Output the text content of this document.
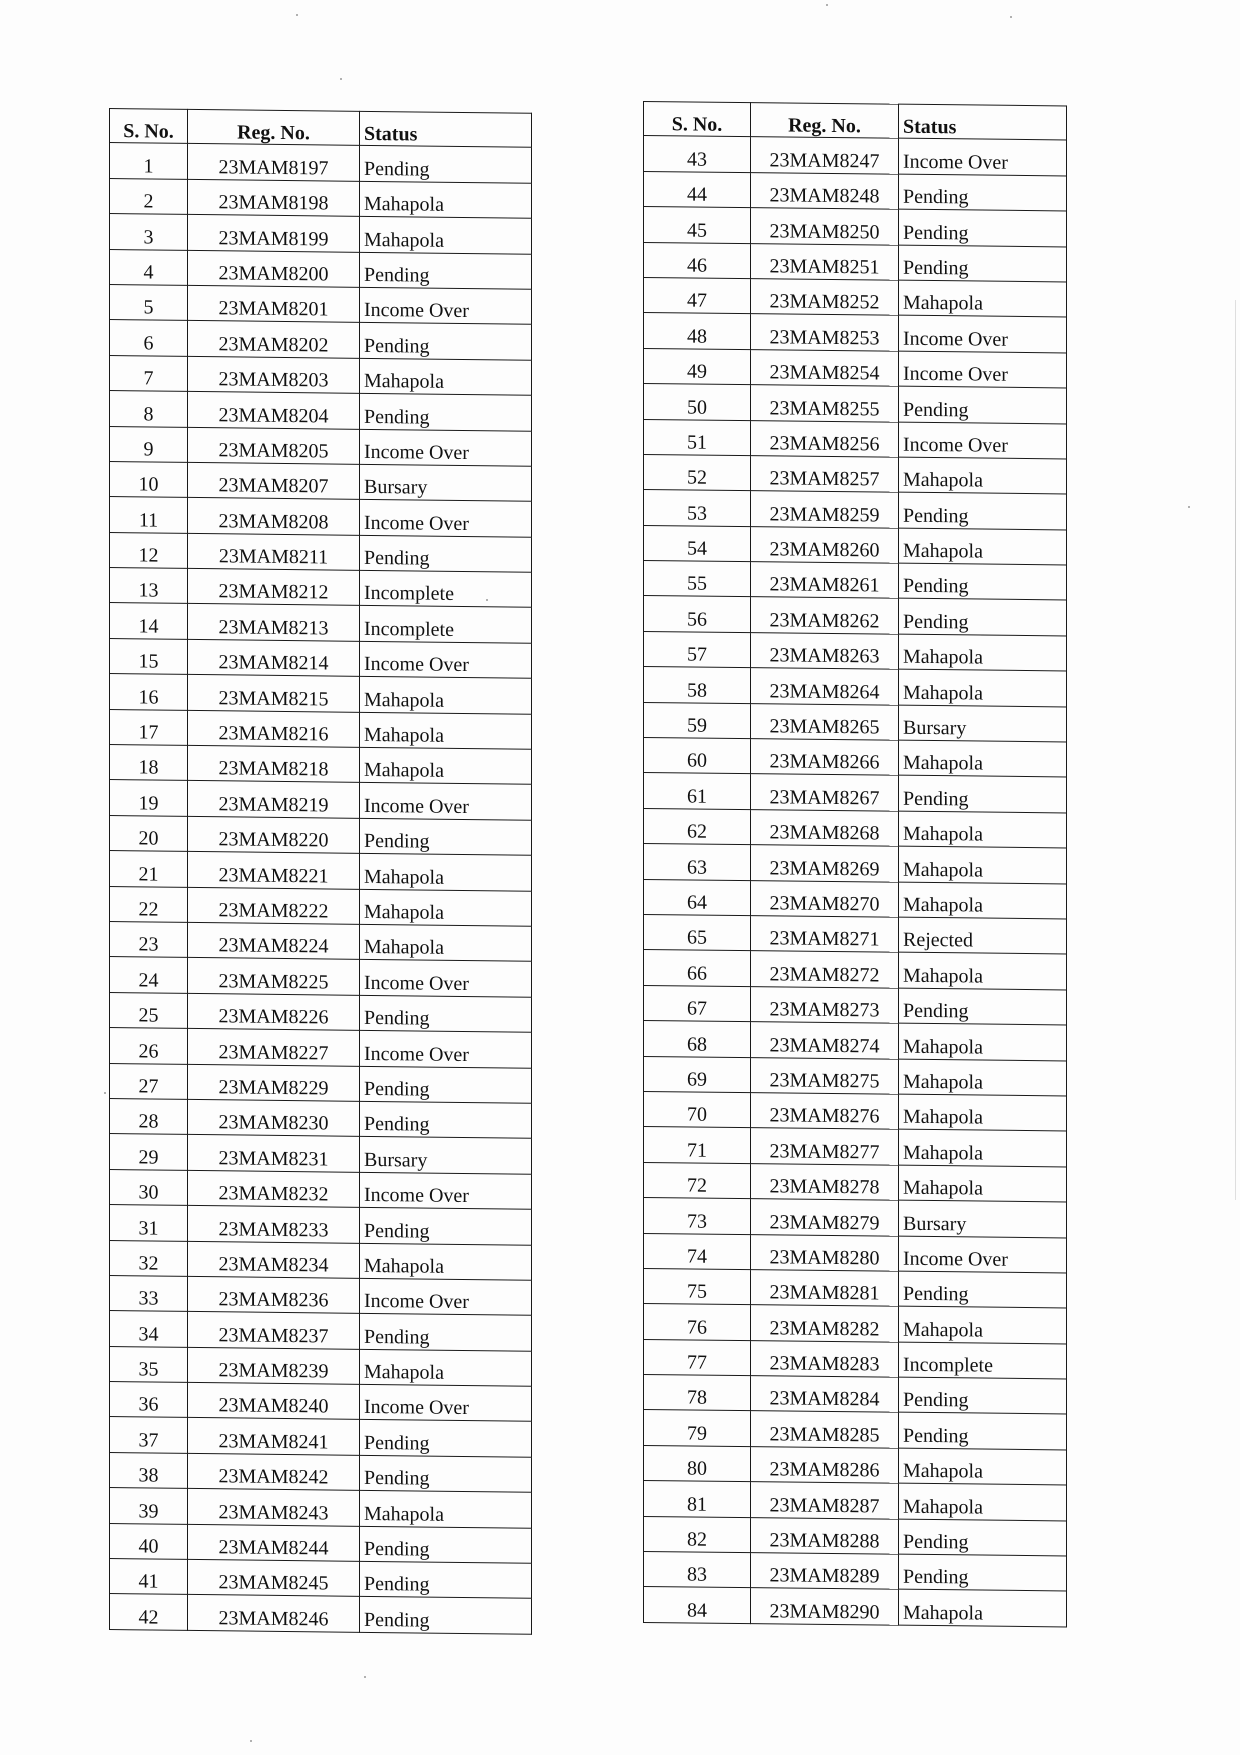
S. No.	Reg. No.	Status
1	23MAM8197	Pending
2	23MAM8198	Mahapola
3	23MAM8199	Mahapola
4	23MAM8200	Pending
5	23MAM8201	Income Over
6	23MAM8202	Pending
7	23MAM8203	Mahapola
8	23MAM8204	Pending
9	23MAM8205	Income Over
10	23MAM8207	Bursary
11	23MAM8208	Income Over
12	23MAM8211	Pending
13	23MAM8212	Incomplete
14	23MAM8213	Incomplete
15	23MAM8214	Income Over
16	23MAM8215	Mahapola
17	23MAM8216	Mahapola
18	23MAM8218	Mahapola
19	23MAM8219	Income Over
20	23MAM8220	Pending
21	23MAM8221	Mahapola
22	23MAM8222	Mahapola
23	23MAM8224	Mahapola
24	23MAM8225	Income Over
25	23MAM8226	Pending
26	23MAM8227	Income Over
27	23MAM8229	Pending
28	23MAM8230	Pending
29	23MAM8231	Bursary
30	23MAM8232	Income Over
31	23MAM8233	Pending
32	23MAM8234	Mahapola
33	23MAM8236	Income Over
34	23MAM8237	Pending
35	23MAM8239	Mahapola
36	23MAM8240	Income Over
37	23MAM8241	Pending
38	23MAM8242	Pending
39	23MAM8243	Mahapola
40	23MAM8244	Pending
41	23MAM8245	Pending
42	23MAM8246	Pending
S. No.	Reg. No.	Status
43	23MAM8247	Income Over
44	23MAM8248	Pending
45	23MAM8250	Pending
46	23MAM8251	Pending
47	23MAM8252	Mahapola
48	23MAM8253	Income Over
49	23MAM8254	Income Over
50	23MAM8255	Pending
51	23MAM8256	Income Over
52	23MAM8257	Mahapola
53	23MAM8259	Pending
54	23MAM8260	Mahapola
55	23MAM8261	Pending
56	23MAM8262	Pending
57	23MAM8263	Mahapola
58	23MAM8264	Mahapola
59	23MAM8265	Bursary
60	23MAM8266	Mahapola
61	23MAM8267	Pending
62	23MAM8268	Mahapola
63	23MAM8269	Mahapola
64	23MAM8270	Mahapola
65	23MAM8271	Rejected
66	23MAM8272	Mahapola
67	23MAM8273	Pending
68	23MAM8274	Mahapola
69	23MAM8275	Mahapola
70	23MAM8276	Mahapola
71	23MAM8277	Mahapola
72	23MAM8278	Mahapola
73	23MAM8279	Bursary
74	23MAM8280	Income Over
75	23MAM8281	Pending
76	23MAM8282	Mahapola
77	23MAM8283	Incomplete
78	23MAM8284	Pending
79	23MAM8285	Pending
80	23MAM8286	Mahapola
81	23MAM8287	Mahapola
82	23MAM8288	Pending
83	23MAM8289	Pending
84	23MAM8290	Mahapola
